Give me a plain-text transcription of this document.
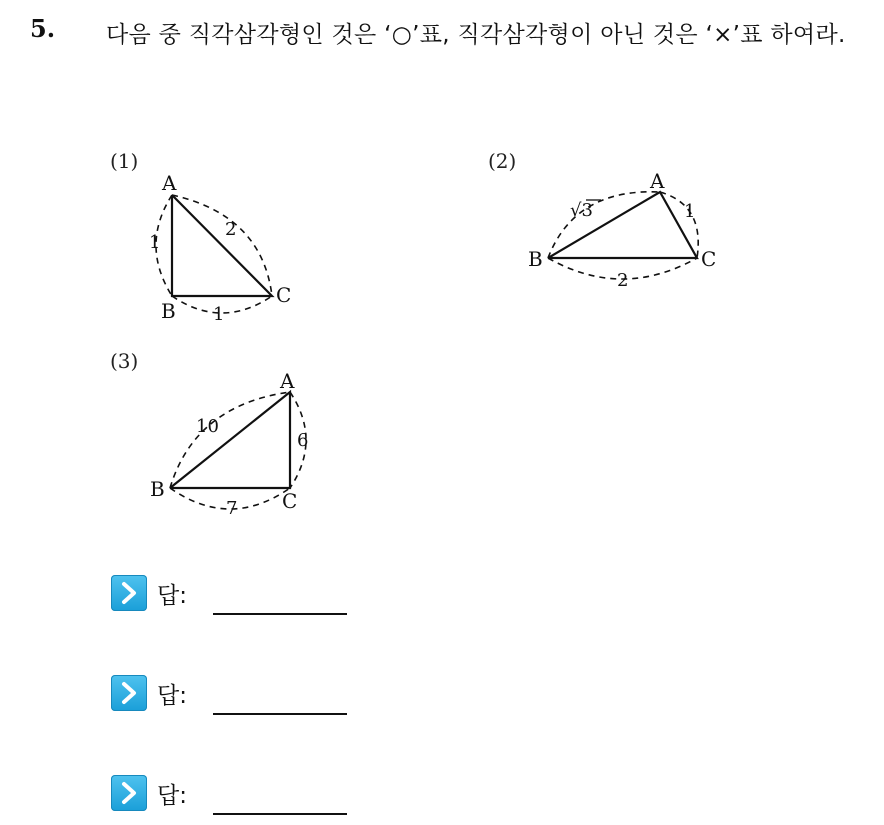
5. 다음 중 직각삼각형인 것은 ‘○’표, 직각삼각형이 아닌 것은 ‘×’표 하여라.
(1)
A
B
C
1
2
1
(2)
A
B	C
√3	1
2
(3)
A
B	C
10
6
7
답:
답:
답:
